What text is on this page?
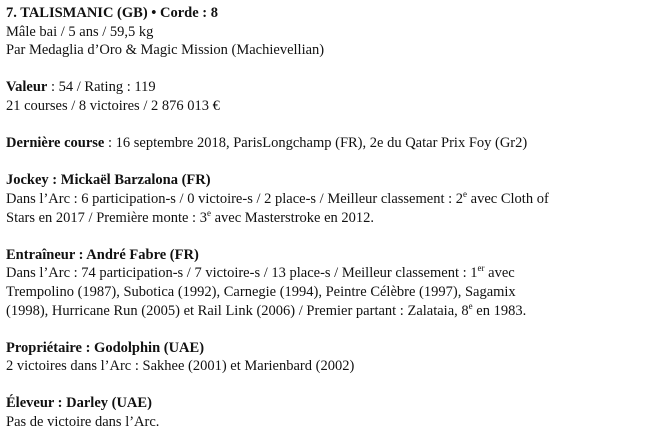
7. TALISMANIC (GB) • Corde : 8
Mâle bai / 5 ans / 59,5 kg
Par Medaglia d’Oro & Magic Mission (Machievellian)
Valeur : 54 / Rating : 119
21 courses / 8 victoires / 2 876 013 €
Dernière course : 16 septembre 2018, ParisLongchamp (FR), 2e du Qatar Prix Foy (Gr2)
Jockey : Mickaël Barzalona (FR)
Dans l’Arc : 6 participation-s / 0 victoire-s / 2 place-s / Meilleur classement : 2e avec Cloth of
Stars en 2017 / Première monte : 3e avec Masterstroke en 2012.
Entraîneur : André Fabre (FR)
Dans l’Arc : 74 participation-s / 7 victoire-s / 13 place-s / Meilleur classement : 1er avec
Trempolino (1987), Subotica (1992), Carnegie (1994), Peintre Célèbre (1997), Sagamix
(1998), Hurricane Run (2005) et Rail Link (2006) / Premier partant : Zalataia, 8e en 1983.
Propriétaire : Godolphin (UAE)
2 victoires dans l’Arc : Sakhee (2001) et Marienbard (2002)
Éleveur : Darley (UAE)
Pas de victoire dans l’Arc.
